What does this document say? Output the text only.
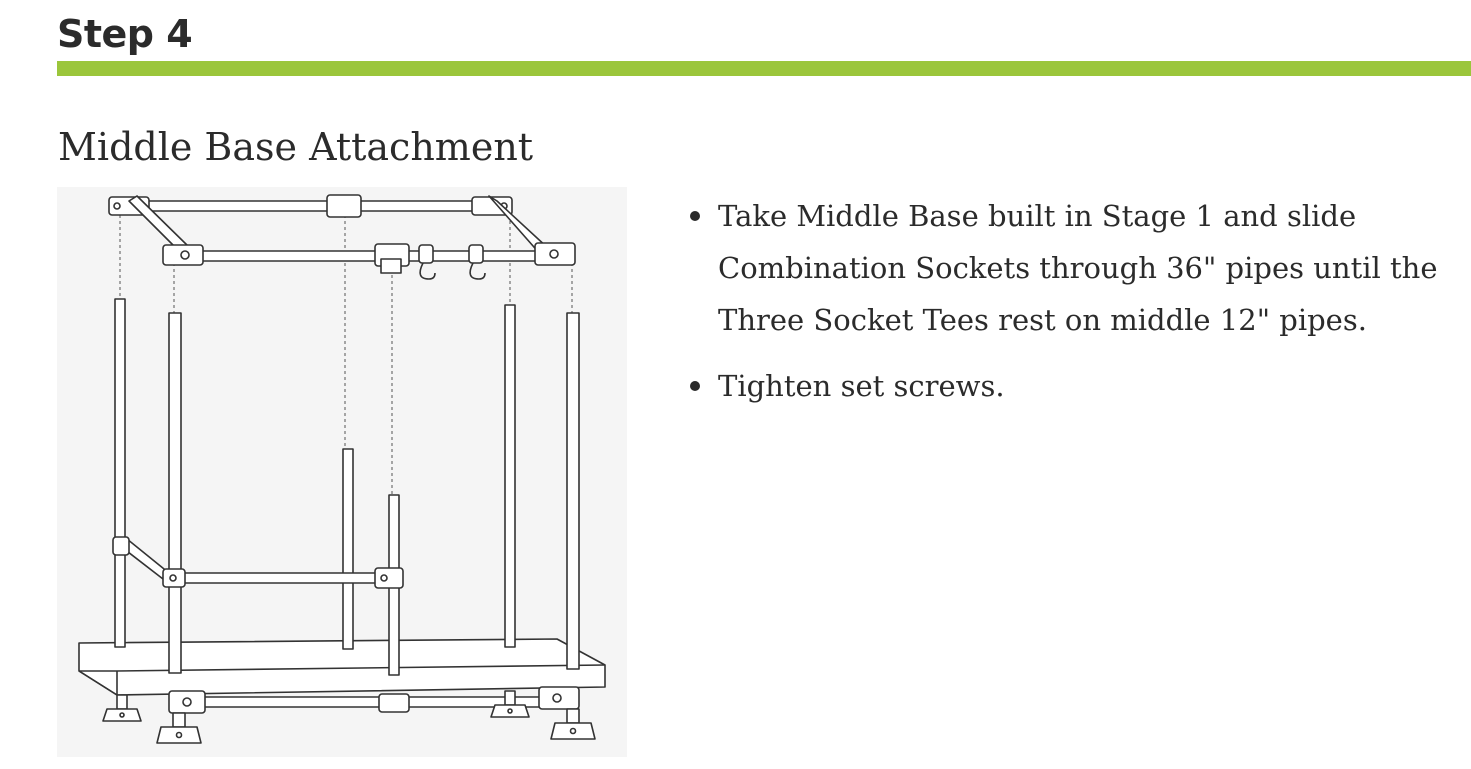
Step 4
Middle Base Attachment
Take Middle Base built in Stage 1 and slide Combination Sockets through 36" pipes until the Three Socket Tees rest on middle 12" pipes.
Tighten set screws.
